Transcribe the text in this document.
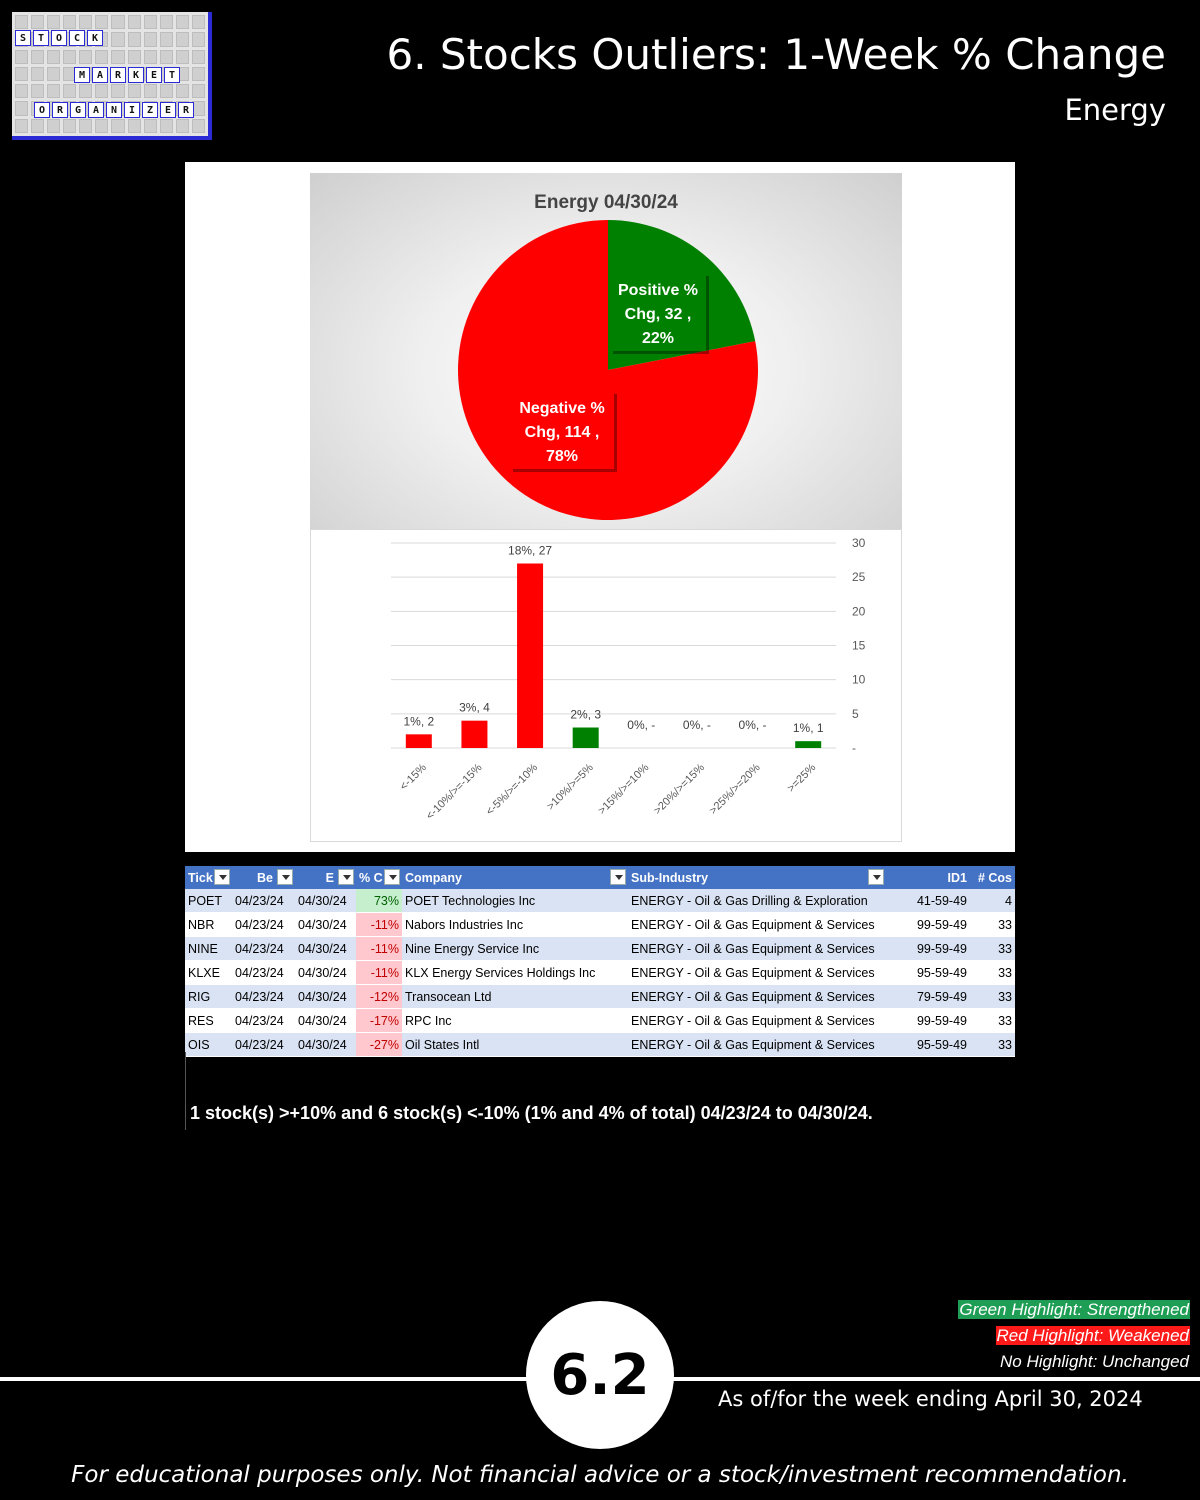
S	T	O	C	K
M	A	R	K	E	T
O	R	G	A	N	I	Z	E	R
6. Stocks Outliers: 1-Week % Change
Energy
Energy 04/30/24
Positive %
Chg, 32 ,
22%
Negative %
Chg, 114 ,
78%
-
5
10
15
20
25
30
1%, 2
<-15%
3%, 4
<-10%/>=-15%
18%, 27
<-5%/>=-10%
2%, 3
>10%/>=5%
0%, -
>15%/>=10%
0%, -
>20%/>=15%
0%, -
>25%/>=20%
1%, 1
>=25%
Tick	Be	E	% C	Company	Sub-Industry	ID1	# Cos
POET	04/23/24	04/30/24	73%	POET Technologies Inc	ENERGY - Oil & Gas Drilling & Exploration	41-59-49	4
NBR	04/23/24	04/30/24	-11%	Nabors Industries Inc	ENERGY - Oil & Gas Equipment & Services	99-59-49	33
NINE	04/23/24	04/30/24	-11%	Nine Energy Service Inc	ENERGY - Oil & Gas Equipment & Services	99-59-49	33
KLXE	04/23/24	04/30/24	-11%	KLX Energy Services Holdings Inc	ENERGY - Oil & Gas Equipment & Services	95-59-49	33
RIG	04/23/24	04/30/24	-12%	Transocean Ltd	ENERGY - Oil & Gas Equipment & Services	79-59-49	33
RES	04/23/24	04/30/24	-17%	RPC Inc	ENERGY - Oil & Gas Equipment & Services	99-59-49	33
OIS	04/23/24	04/30/24	-27%	Oil States Intl	ENERGY - Oil & Gas Equipment & Services	95-59-49	33
1 stock(s) >+10% and 6 stock(s) <-10% (1% and 4% of total) 04/23/24 to 04/30/24.
Green Highlight: Strengthened
Red Highlight: Weakened
No Highlight: Unchanged
6.2	As of/for the week ending April 30, 2024
For educational purposes only. Not financial advice or a stock/investment recommendation.
